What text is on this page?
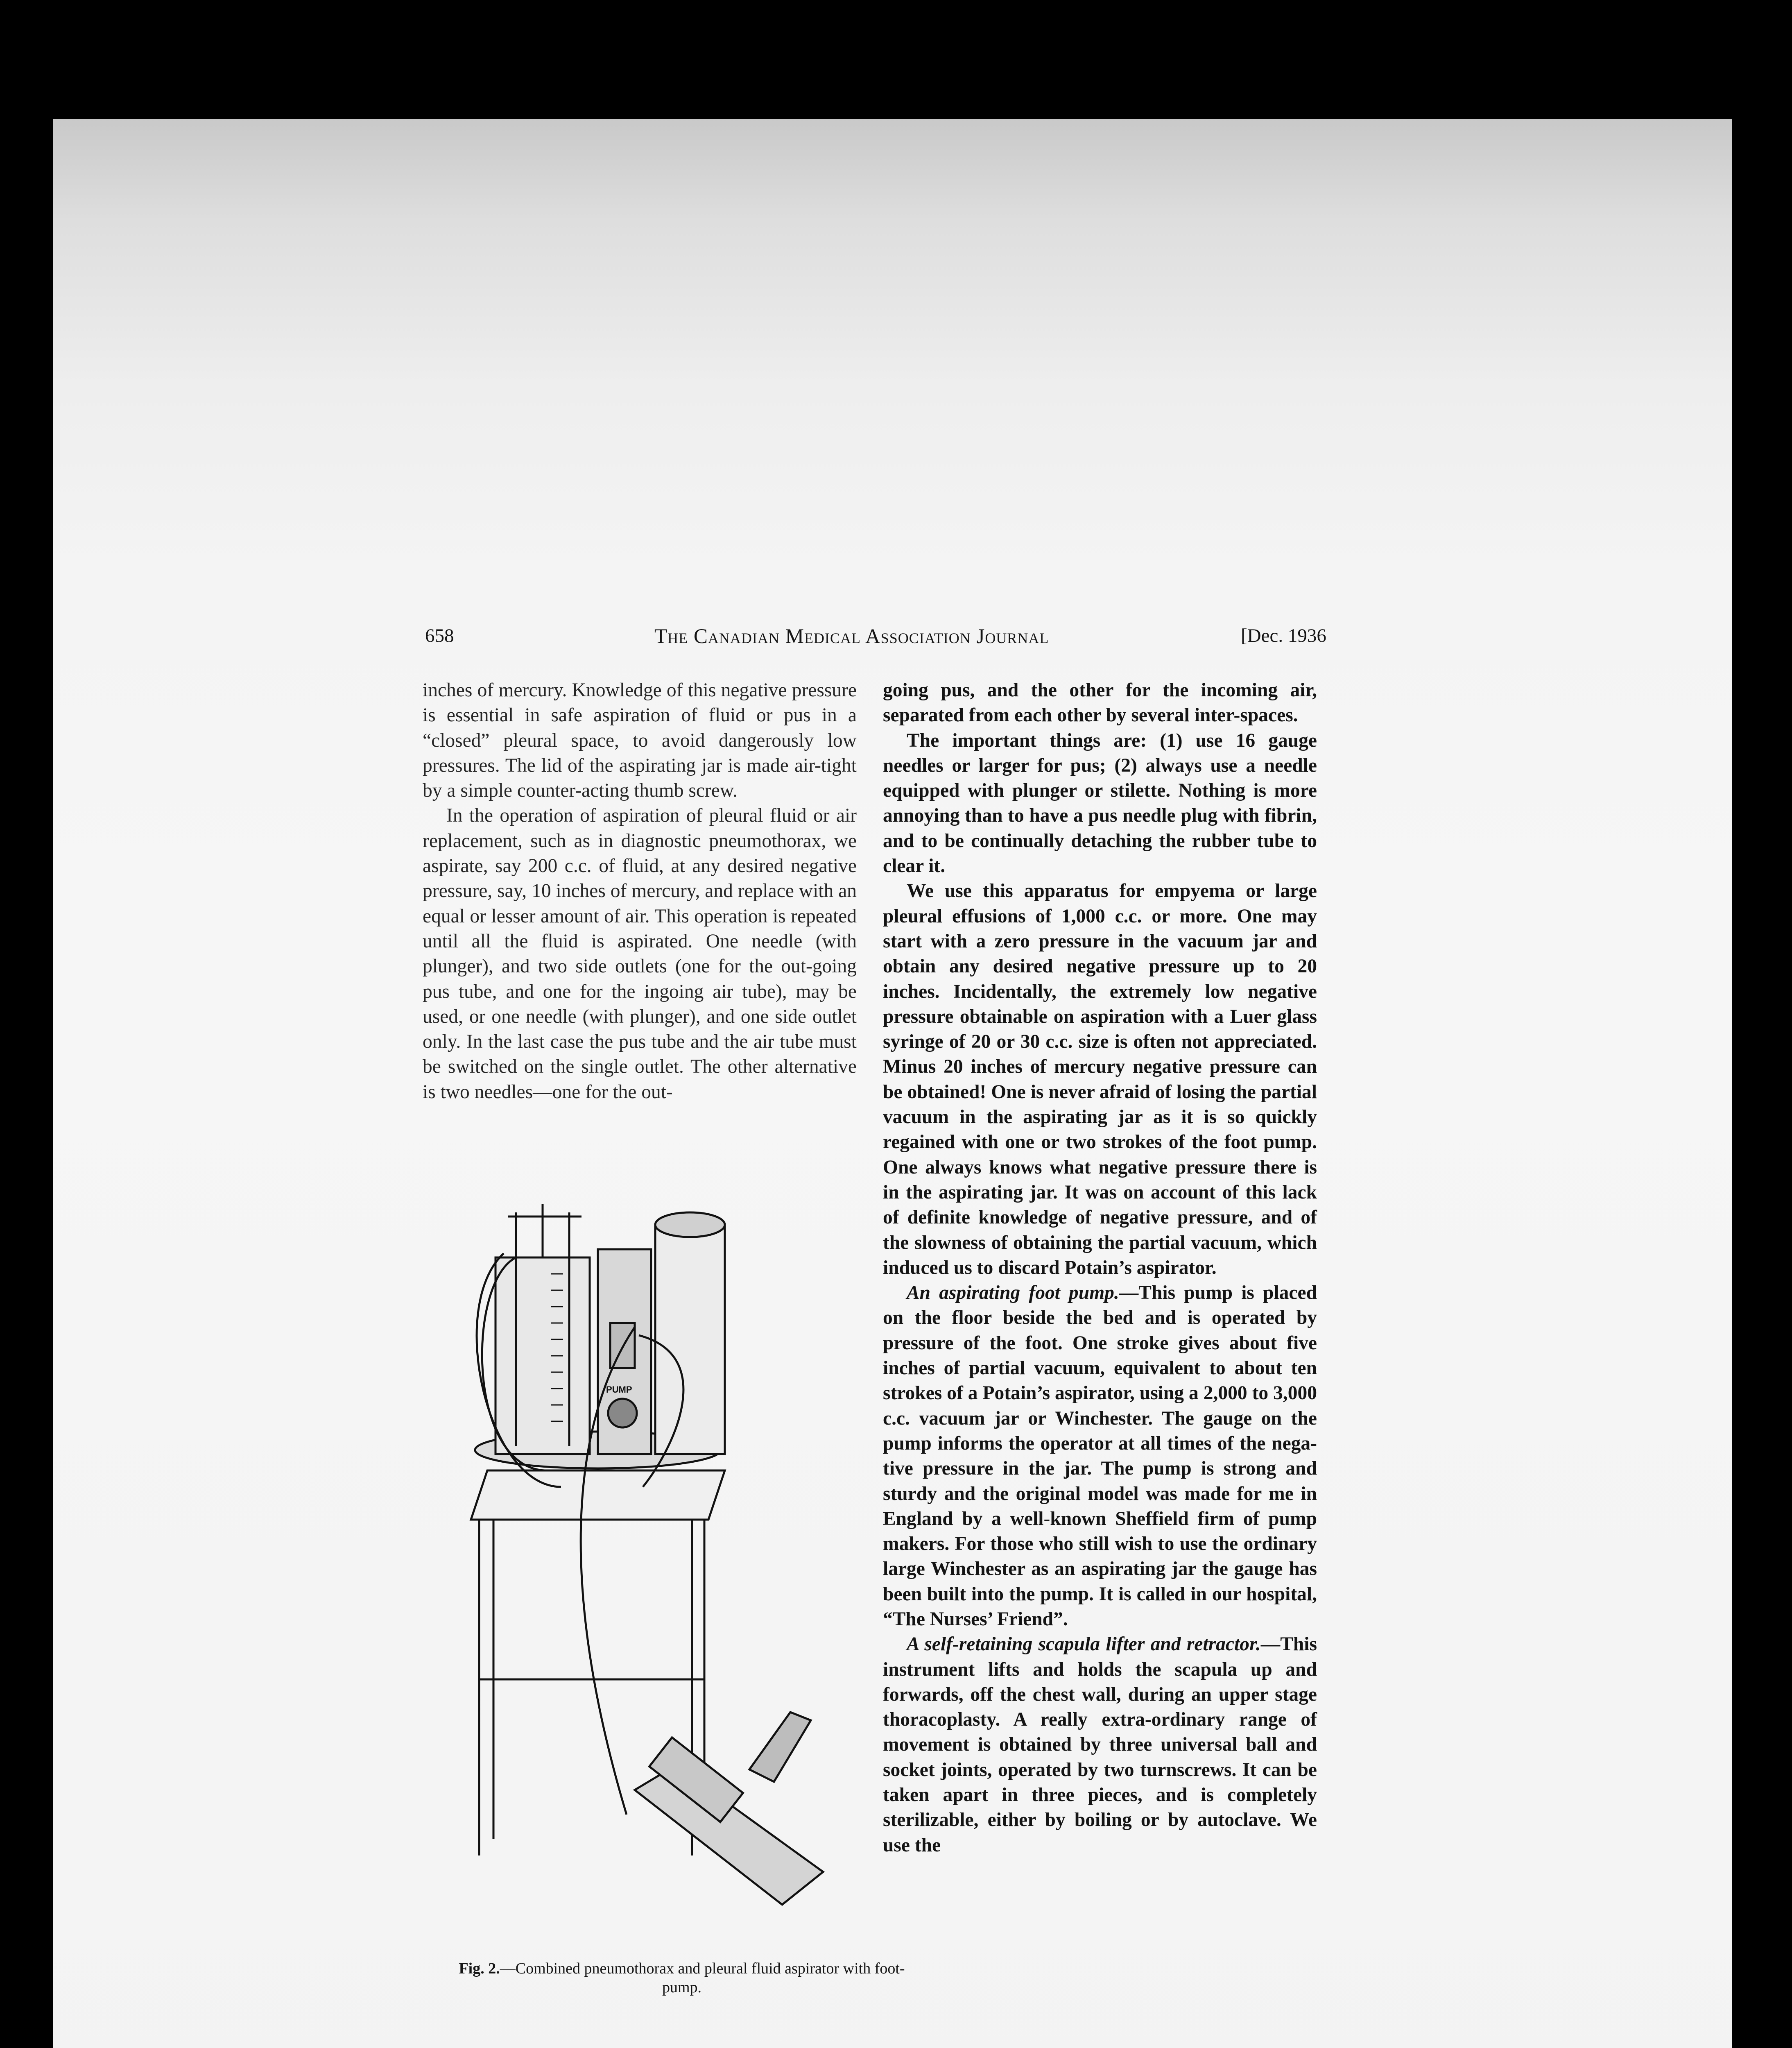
658	The Canadian Medical Association Journal	[Dec. 1936

inches of mercury. Knowledge of this negative pressure is essential in safe aspiration of fluid or pus in a “closed” pleural space, to avoid dangerously low pressures. The lid of the aspirating jar is made air-tight by a simple counter-acting thumb screw.

In the operation of aspiration of pleural fluid or air replacement, such as in diagnostic pneumothorax, we aspirate, say 200 c.c. of fluid, at any desired negative pressure, say, 10 inches of mercury, and replace with an equal or lesser amount of air. This operation is repeated until all the fluid is aspirated. One needle (with plunger), and two side outlets (one for the out-going pus tube, and one for the ingoing air tube), may be used, or one needle (with plunger), and one side outlet only. In the last case the pus tube and the air tube must be switched on the single outlet. The other alternative is two needles—one for the out-

PUMP
Fig. 2.—Combined pneumothorax and pleural fluid aspirator with foot-pump.

going pus, and the other for the incoming air, separated from each other by several inter-spaces.

The important things are: (1) use 16 gauge needles or larger for pus; (2) always use a needle equipped with plunger or stilette. Nothing is more annoying than to have a pus needle plug with fibrin, and to be continually detaching the rubber tube to clear it.

We use this apparatus for empyema or large pleural effusions of 1,000 c.c. or more. One may start with a zero pressure in the vacuum jar and obtain any desired negative pressure up to 20 inches. Incidentally, the extremely low negative pressure obtainable on aspiration with a Luer glass syringe of 20 or 30 c.c. size is often not appreciated. Minus 20 inches of mercury negative pressure can be obtained! One is never afraid of losing the partial vacuum in the aspirating jar as it is so quickly regained with one or two strokes of the foot pump. One always knows what negative pressure there is in the aspirating jar. It was on account of this lack of definite knowledge of negative pressure, and of the slowness of obtaining the partial vacuum, which induced us to discard Potain’s aspirator.

An aspirating foot pump.—This pump is placed on the floor beside the bed and is operated by pressure of the foot. One stroke gives about five inches of partial vacuum, equivalent to about ten strokes of a Potain’s aspirator, using a 2,000 to 3,000 c.c. vacuum jar or Winchester. The gauge on the pump informs the operator at all times of the nega-tive pressure in the jar. The pump is strong and sturdy and the original model was made for me in England by a well-known Sheffield firm of pump makers. For those who still wish to use the ordinary large Winchester as an aspirating jar the gauge has been built into the pump. It is called in our hospital, “The Nurses’ Friend”.

A self-retaining scapula lifter and retractor.—This instrument lifts and holds the scapula up and forwards, off the chest wall, during an upper stage thoracoplasty. A really extra-ordinary range of movement is obtained by three universal ball and socket joints, operated by two turnscrews. It can be taken apart in three pieces, and is completely sterilizable, either by boiling or by autoclave. We use the
